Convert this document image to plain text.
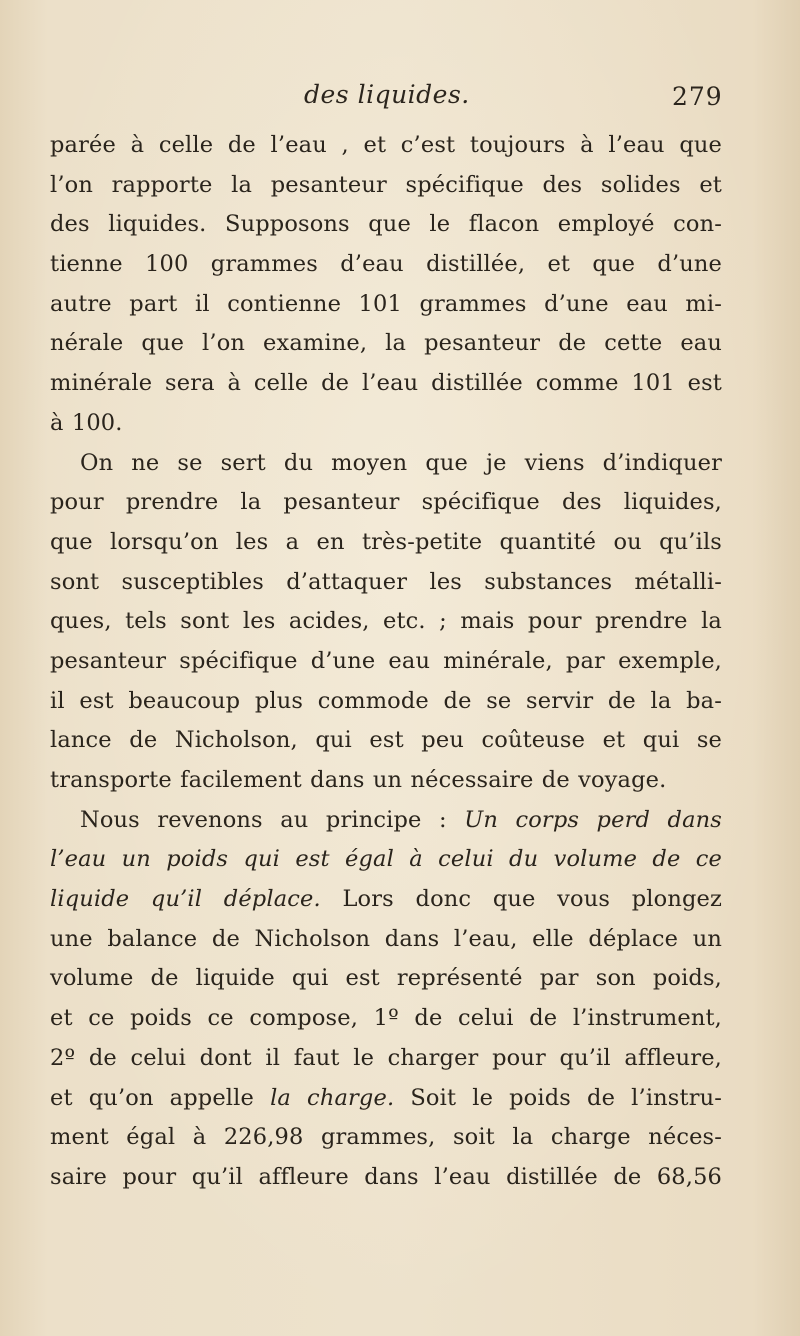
des liquides.	279
parée à celle de l’eau , et c’est toujours à l’eau que
l’on rapporte la pesanteur spécifique des solides et
des liquides. Supposons que le flacon employé con-
tienne 100 grammes d’eau distillée, et que d’une
autre part il contienne 101 grammes d’une eau mi-
nérale que l’on examine, la pesanteur de cette eau
minérale sera à celle de l’eau distillée comme 101 est
à 100.
On ne se sert du moyen que je viens d’indiquer
pour prendre la pesanteur spécifique des liquides,
que lorsqu’on les a en très-petite quantité ou qu’ils
sont susceptibles d’attaquer les substances métalli-
ques, tels sont les acides, etc. ; mais pour prendre la
pesanteur spécifique d’une eau minérale, par exemple,
il est beaucoup plus commode de se servir de la ba-
lance de Nicholson, qui est peu coûteuse et qui se
transporte facilement dans un nécessaire de voyage.
Nous revenons au principe : Un corps perd dans
l’eau un poids qui est égal à celui du volume de ce
liquide qu’il déplace. Lors donc que vous plongez
une balance de Nicholson dans l’eau, elle déplace un
volume de liquide qui est représenté par son poids,
et ce poids ce compose, 1º de celui de l’instrument,
2º de celui dont il faut le charger pour qu’il affleure,
et qu’on appelle la charge. Soit le poids de l’instru-
ment égal à 226,98 grammes, soit la charge néces-
saire pour qu’il affleure dans l’eau distillée de 68,56
